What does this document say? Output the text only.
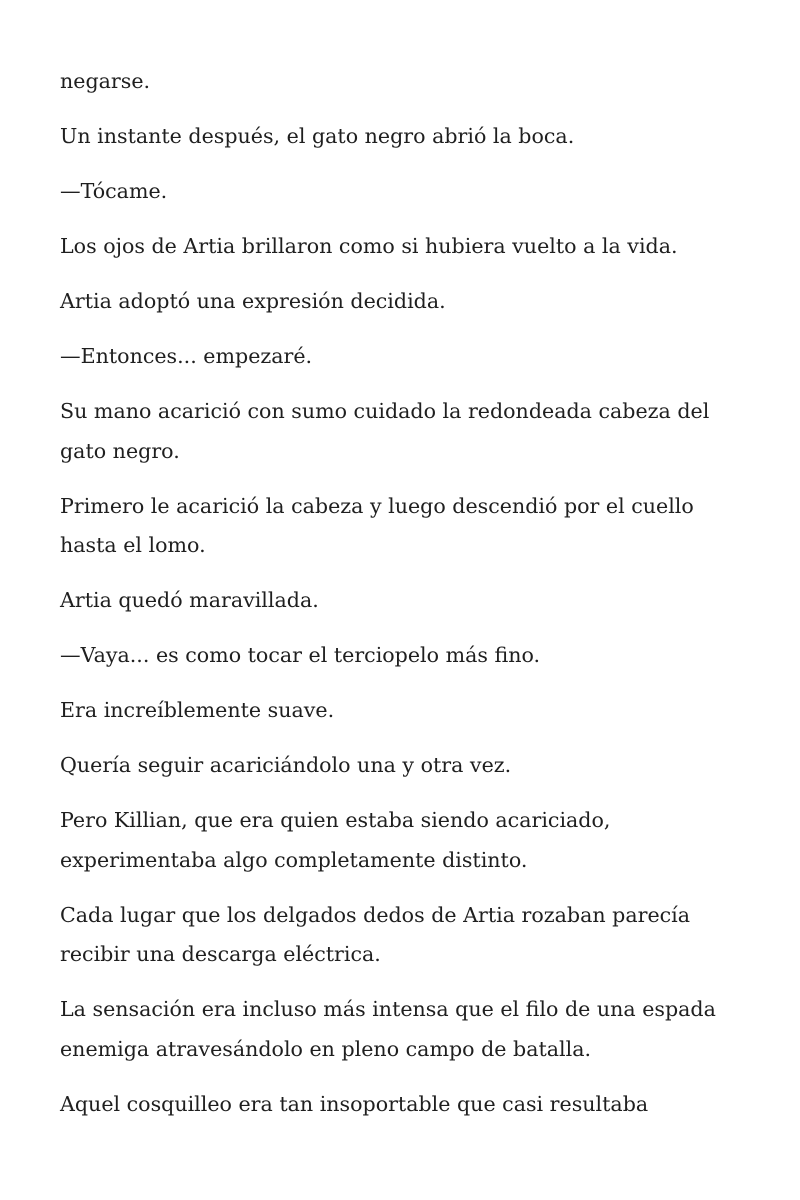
negarse.

Un instante después, el gato negro abrió la boca.

—Tócame.

Los ojos de Artia brillaron como si hubiera vuelto a la vida.

Artia adoptó una expresión decidida.

—Entonces... empezaré.

Su mano acarició con sumo cuidado la redondeada cabeza del gato negro.

Primero le acarició la cabeza y luego descendió por el cuello hasta el lomo.

Artia quedó maravillada.

—Vaya... es como tocar el terciopelo más fino.

Era increíblemente suave.

Quería seguir acariciándolo una y otra vez.

Pero Killian, que era quien estaba siendo acariciado, experimentaba algo completamente distinto.

Cada lugar que los delgados dedos de Artia rozaban parecía recibir una descarga eléctrica.

La sensación era incluso más intensa que el filo de una espada enemiga atravesándolo en pleno campo de batalla.

Aquel cosquilleo era tan insoportable que casi resultaba
